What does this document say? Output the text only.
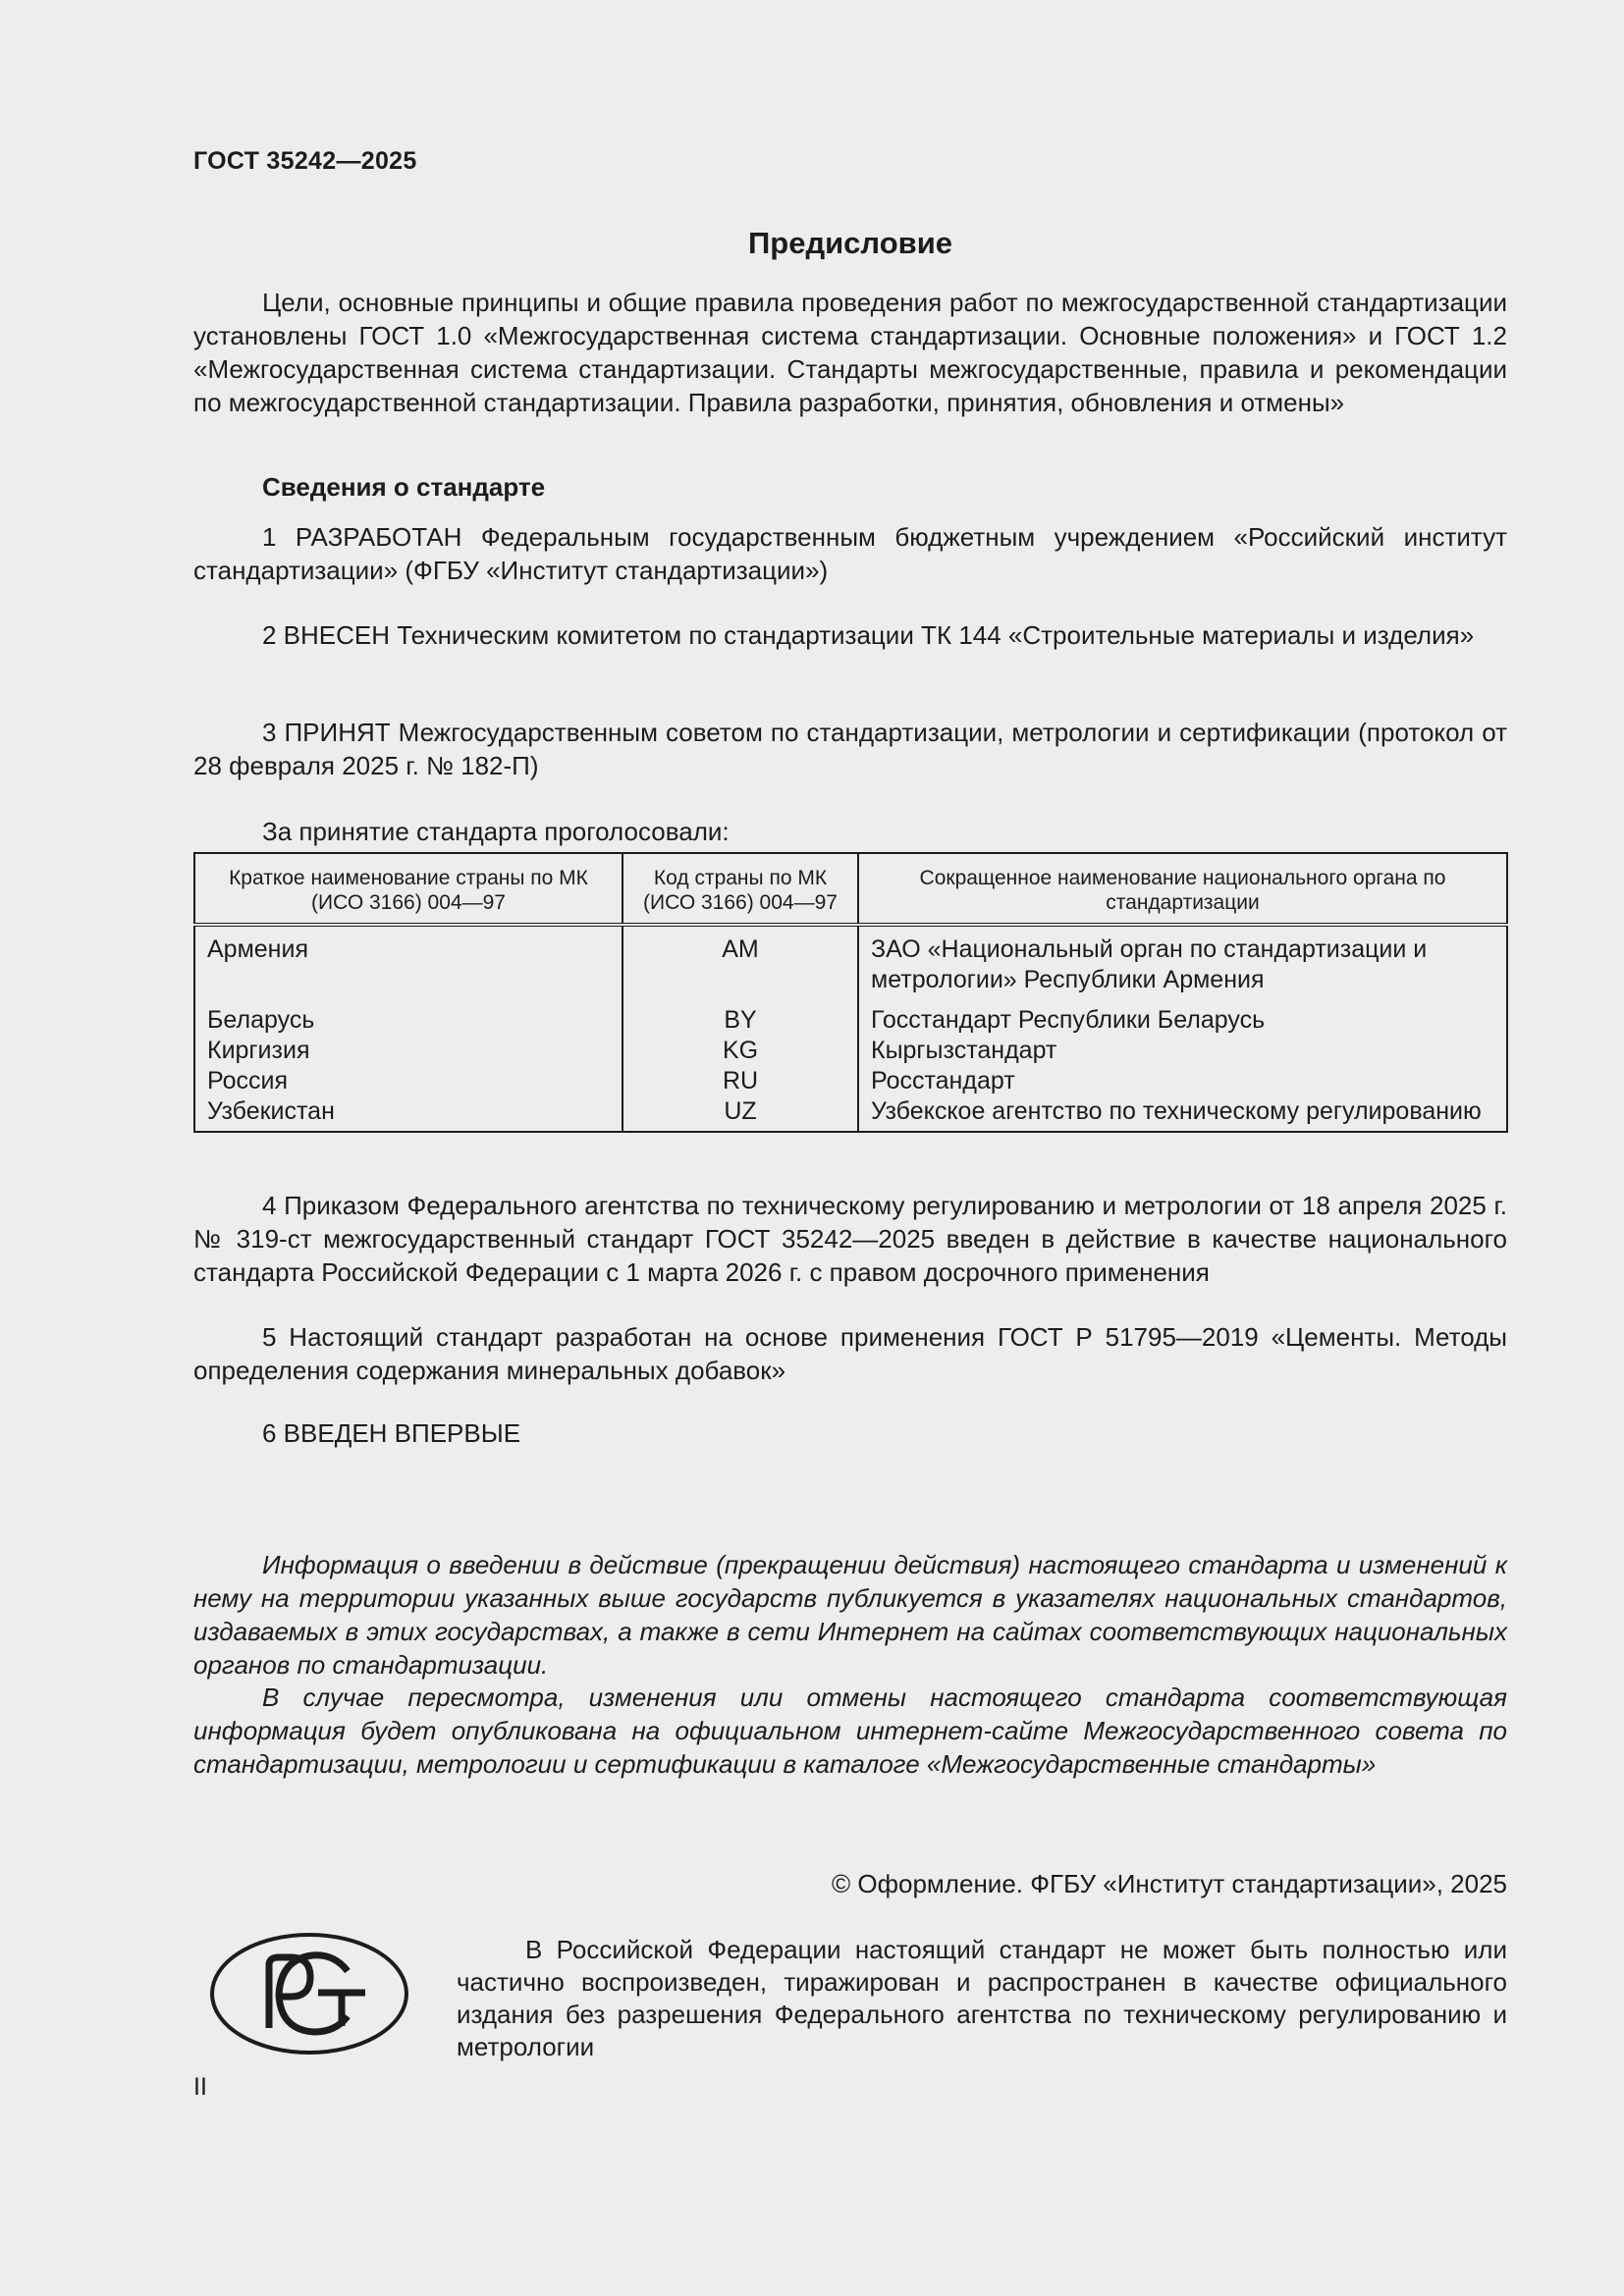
ГОСТ 35242—2025
Предисловие

Цели, основные принципы и общие правила проведения работ по межгосударственной стандартизации установлены ГОСТ 1.0 «Межгосударственная система стандартизации. Основные положения» и ГОСТ 1.2 «Межгосударственная система стандартизации. Стандарты межгосударственные, правила и рекомендации по межгосударственной стандартизации. Правила разработки, принятия, обновления и отмены»

Сведения о стандарте

1 РАЗРАБОТАН Федеральным государственным бюджетным учреждением «Российский институт стандартизации» (ФГБУ «Институт стандартизации»)

2 ВНЕСЕН Техническим комитетом по стандартизации ТК 144 «Строительные материалы и изделия»

3 ПРИНЯТ Межгосударственным советом по стандартизации, метрологии и сертификации (протокол от 28 февраля 2025 г. № 182-П)

За принятие стандарта проголосовали:

Краткое наименование страны по МК (ИСО 3166) 004—97	Код страны по МК (ИСО 3166) 004—97	Сокращенное наименование национального органа по стандартизации
Армения	AM	ЗАО «Национальный орган по стандартизации и метрологии» Республики Армения
Беларусь	BY	Госстандарт Республики Беларусь
Киргизия	KG	Кыргызстандарт
Россия	RU	Росстандарт
Узбекистан	UZ	Узбекское агентство по техническому регулированию

4 Приказом Федерального агентства по техническому регулированию и метрологии от 18 апреля 2025 г. № 319-ст межгосударственный стандарт ГОСТ 35242—2025 введен в действие в качестве национального стандарта Российской Федерации с 1 марта 2026 г. с правом досрочного применения

5 Настоящий стандарт разработан на основе применения ГОСТ Р 51795—2019 «Цементы. Методы определения содержания минеральных добавок»

6 ВВЕДЕН ВПЕРВЫЕ

Информация о введении в действие (прекращении действия) настоящего стандарта и изменений к нему на территории указанных выше государств публикуется в указателях национальных стандартов, издаваемых в этих государствах, а также в сети Интернет на сайтах соответствующих национальных органов по стандартизации.

В случае пересмотра, изменения или отмены настоящего стандарта соответствующая информация будет опубликована на официальном интернет-сайте Межгосударственного совета по стандартизации, метрологии и сертификации в каталоге «Межгосударственные стандарты»

© Оформление. ФГБУ «Институт стандартизации», 2025

В Российской Федерации настоящий стандарт не может быть полностью или частично воспроизведен, тиражирован и распространен в качестве официального издания без разрешения Федерального агентства по техническому регулированию и метрологии

II
